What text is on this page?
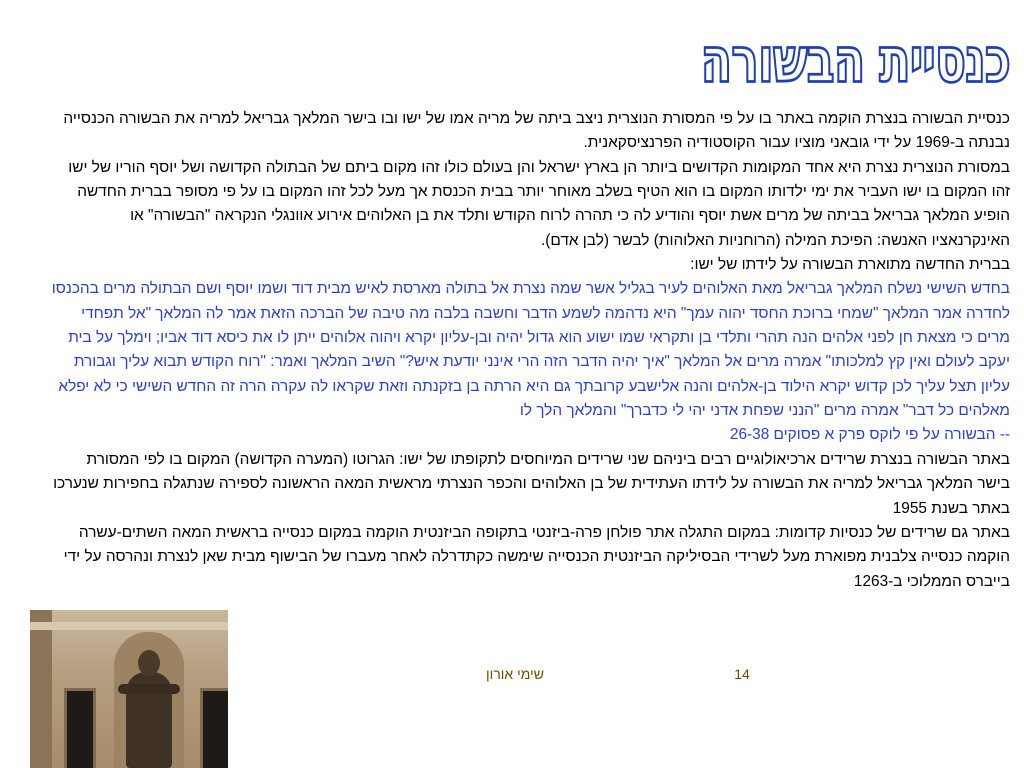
כנסיית הבשורה

כנסיית הבשורה בנצרת הוקמה באתר בו על פי המסורת הנוצרית ניצב ביתה של מריה אמו של ישו ובו בישר המלאך גבריאל למריה את הבשורה הכנסייה נבנתה ב-1969 על ידי גובאני מוציו עבור הקוסטודיה הפרנציסקאנית.

במסורת הנוצרית נצרת היא אחד המקומות הקדושים ביותר הן בארץ ישראל והן בעולם כולו זהו מקום ביתם של הבתולה הקדושה ושל יוסף הוריו של ישו זהו המקום בו ישו העביר את ימי ילדותו המקום בו הוא הטיף בשלב מאוחר יותר בבית הכנסת אך מעל לכל זהו המקום בו על פי מסופר בברית החדשה הופיע המלאך גבריאל בביתה של מרים אשת יוסף והודיע לה כי תהרה לרוח הקודש ותלד את בן האלוהים אירוע אוונגלי הנקראה "הבשורה" או האינקרנאציו האנשה: הפיכת המילה (הרוחניות האלוהות) לבשר (לבן אדם).

בברית החדשה מתוארת הבשורה על לידתו של ישו:

בחדש השישי נשלח המלאך גבריאל מאת האלוהים לעיר בגליל אשר שמה נצרת אל בתולה מארסת לאיש מבית דוד ושמו יוסף ושם הבתולה מרים בהכנסו לחדרה אמר המלאך "שמחי ברוכת החסד יהוה עמך" היא נדהמה לשמע הדבר וחשבה בלבה מה טיבה של הברכה הזאת אמר לה המלאך "אל תפחדי מרים כי מצאת חן לפני אלהים הנה תהרי ותלדי בן ותקראי שמו ישוע הוא גדול יהיה ובן-עליון יקרא ויהוה אלוהים ייתן לו את כיסא דוד אביו; וימלך על בית יעקב לעולם ואין קץ למלכותו" אמרה מרים אל המלאך "איך יהיה הדבר הזה הרי אינני יודעת איש?" השיב המלאך ואמר: "רוח הקודש תבוא עליך וגבורת עליון תצל עליך לכן קדוש יקרא הילוד בן-אלהים והנה אלישבע קרובתך גם היא הרתה בן בזקנתה וזאת שקראו לה עקרה הרה זה החדש השישי כי לא יפלא מאלהים כל דבר" אמרה מרים "הנני שפחת אדני יהי לי כדברך" והמלאך הלך לו

-- הבשורה על פי לוקס פרק א פסוקים 26-38

באתר הבשורה בנצרת שרידים ארכיאולוגיים רבים ביניהם שני שרידים המיוחסים לתקופתו של ישו: הגרוטו (המערה הקדושה) המקום בו לפי המסורת בישר המלאך גבריאל למריה את הבשורה על לידתו העתידית של בן האלוהים והכפר הנצרתי מראשית המאה הראשונה לספירה שנתגלה בחפירות שנערכו באתר בשנת 1955

באתר גם שרידים של כנסיות קדומות: במקום התגלה אתר פולחן פרה-ביזנטי בתקופה הביזנטית הוקמה במקום כנסייה בראשית המאה השתים-עשרה הוקמה כנסייה צלבנית מפוארת מעל לשרידי הבסיליקה הביזנטית הכנסייה שימשה כקתדרלה לאחר מעברו של הבישוף מבית שאן לנצרת ונהרסה על ידי בייברס הממלוכי ב-1263

שימי אורון	14
